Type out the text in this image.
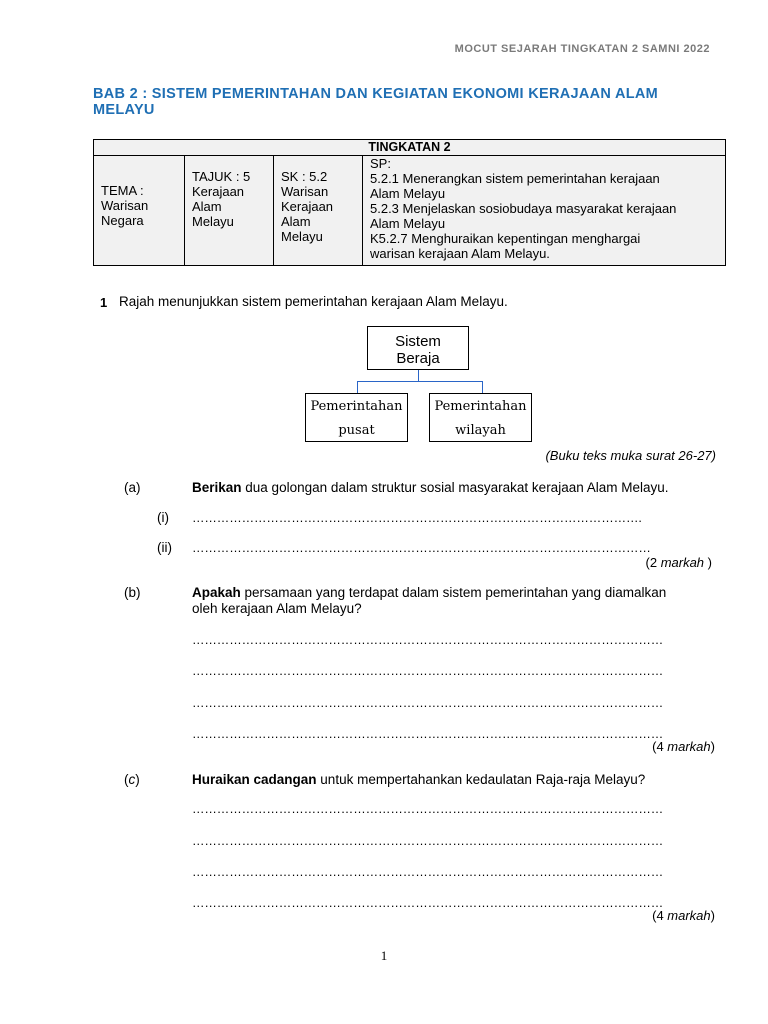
MOCUT SEJARAH TINGKATAN 2 SAMNI 2022
BAB 2 : SISTEM PEMERINTAHAN DAN KEGIATAN EKONOMI KERAJAAN ALAM MELAYU
TINGKATAN 2

TEMA :
Warisan
Negara

TAJUK : 5
Kerajaan
Alam
Melayu

SK : 5.2
Warisan
Kerajaan
Alam
Melayu

SP:
5.2.1 Menerangkan sistem pemerintahan kerajaan
Alam Melayu
5.2.3 Menjelaskan sosiobudaya masyarakat kerajaan
Alam Melayu
K5.2.7 Menghuraikan kepentingan menghargai
warisan kerajaan Alam Melayu.
1 Rajah menunjukkan sistem pemerintahan kerajaan Alam Melayu.
Sistem
Beraja
Pemerintahan
pusat
Pemerintahan
wilayah
(Buku teks muka surat 26-27)
(a)	Berikan dua golongan dalam struktur sosial masyarakat kerajaan Alam Melayu.
(i) ……………………………………………………………………………………………….
(ii) …………………………………………………………………………………………………
(2 markah )
(b)	Apakah persamaan yang terdapat dalam sistem pemerintahan yang diamalkan
oleh kerajaan Alam Melayu?
……………………………………………………………………………………………………
……………………………………………………………………………………………………
……………………………………………………………………………………………………
……………………………………………………………………………………………………
(4 markah)
(c)	Huraikan cadangan untuk mempertahankan kedaulatan Raja-raja Melayu?
……………………………………………………………………………………………………
……………………………………………………………………………………………………
……………………………………………………………………………………………………
……………………………………………………………………………………………………
(4 markah)
1
